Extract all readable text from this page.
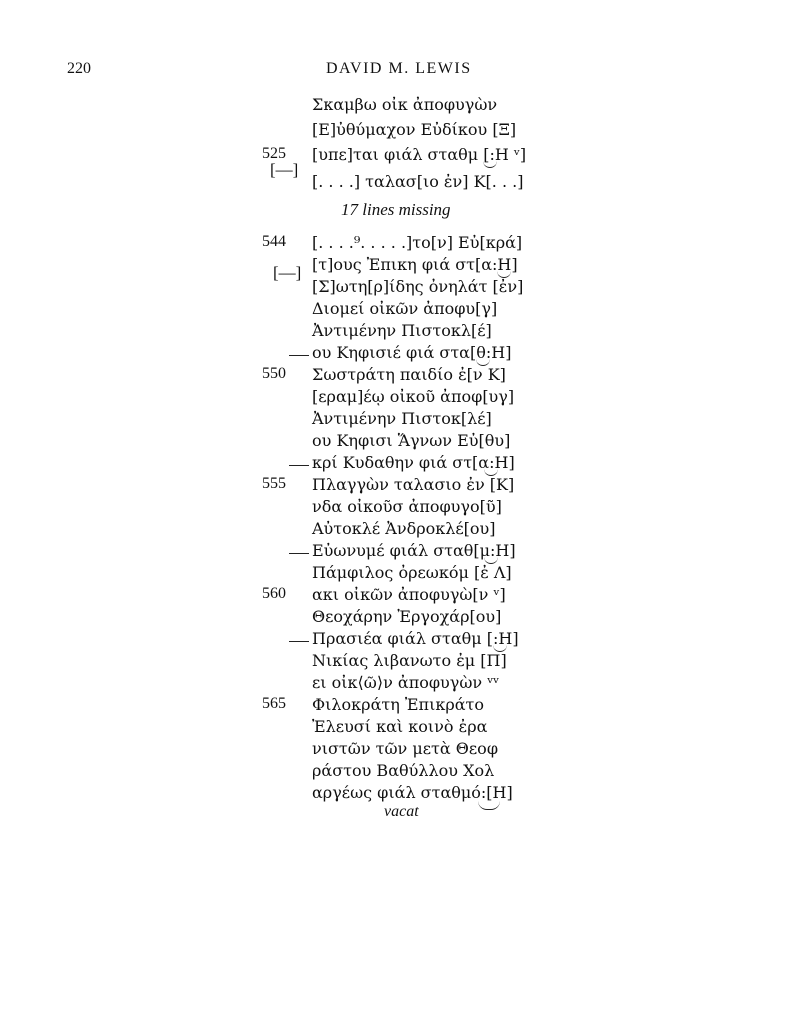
220	DAVID M. LEWIS
Σκαμβω οἰκ ἀποφυγὼν
[Ε]ὐθύμαχον Εὐδίκου [Ξ]
[υπε]ται φιάλ σταθμ [:H ᵛ]
[. . . .] ταλασ[ιο ἐν] Κ[. . .]
17 lines missing
[. . . .⁹. . . . .]το[ν] Εὐ[κρά]
[τ]ους Ἐπικη φιά στ[α:H]
[Σ]ωτη[ρ]ίδης ὀνηλάτ [ἐν]
Διομεί οἰκῶν ἀποφυ[γ]
Ἀντιμένην Πιστοκλ[έ]
ου Κηφισιέ φιά στα[θ:H]
Σωστράτη παιδίο ἐ[ν Κ]
[εραμ]έῳ οἰκοῦ ἀποφ[υγ]
Ἀντιμένην Πιστοκ[λέ]
ου Κηφισι Ἅγνων Εὐ[θυ]
κρί Κυδαθην φιά στ[α:H]
Πλαγγὼν ταλασιο ἐν [Κ]
νδα οἰκοῦσ ἀποφυγο[ῦ]
Αὐτοκλέ Ἀνδροκλέ[ου]
Εὐωνυμέ φιάλ σταθ[μ:H]
Πάμφιλος ὀρεωκόμ [ἐ Λ]
ακι οἰκῶν ἀποφυγὼ[ν ᵛ]
Θεοχάρην Ἐργοχάρ[ου]
Πρασιέα φιάλ σταθμ [:H]
Νικίας λιβανωτο ἐμ [Π]
ει οἰκ⟨ῶ⟩ν ἀποφυγὼν ᵛᵛ
Φιλοκράτη Ἐπικράτο
Ἐλευσί καὶ κοινὸ ἐρα
νιστῶν τῶν μετὰ Θεοφ
ράστου Βαθύλλου Χολ
αργέως φιάλ σταθμό:[H]
vacat
525
544
550
555
560
565
[—]
[—]
